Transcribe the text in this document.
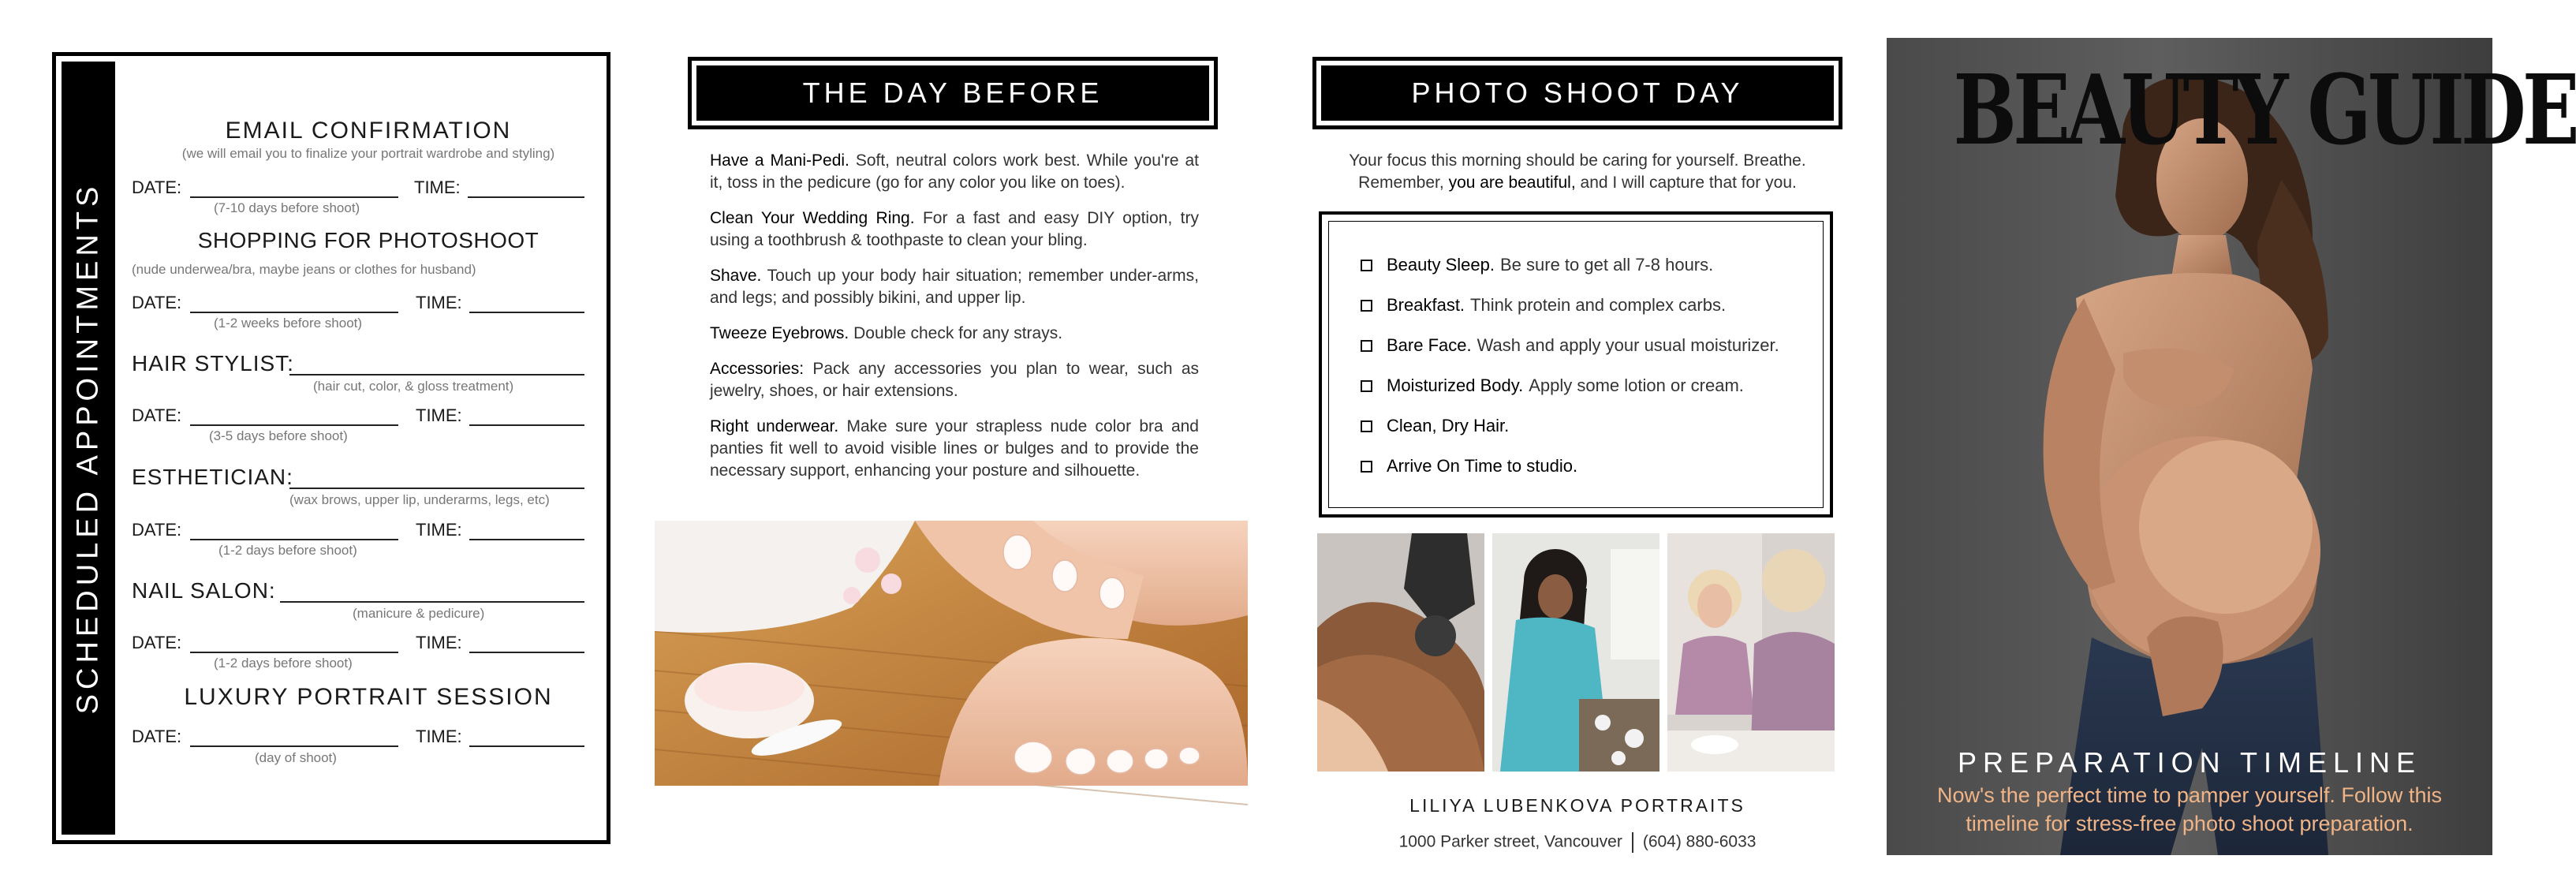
SCHEDULED APPOINTMENTS
EMAIL CONFIRMATION
(we will email you to finalize your portrait wardrobe and styling)
DATE:	TIME:
(7-10 days before shoot)
SHOPPING FOR PHOTOSHOOT
(nude underwea/bra, maybe jeans or clothes for husband)
DATE:	TIME:
(1-2 weeks before shoot)
HAIR STYLIST:
(hair cut, color, & gloss treatment)
DATE:	TIME:
(3-5 days before shoot)
ESTHETICIAN:
(wax brows, upper lip, underarms, legs, etc)
DATE:	TIME:
(1-2 days before shoot)
NAIL SALON:
(manicure & pedicure)
DATE:	TIME:
(1-2 days before shoot)
LUXURY PORTRAIT SESSION
DATE:	TIME:
(day of shoot)
THE DAY BEFORE

Have a Mani-Pedi. Soft, neutral colors work best. While you're at it, toss in the pedicure (go for any color you like on toes).

Clean Your Wedding Ring. For a fast and easy DIY option, try using a toothbrush & toothpaste to clean your bling.

Shave. Touch up your body hair situation; remember under-arms, and legs; and possibly bikini, and upper lip.

Tweeze Eyebrows. Double check for any strays.

Accessories: Pack any accessories you plan to wear, such as jewelry, shoes, or hair extensions.

Right underwear. Make sure your strapless nude color bra and panties fit well to avoid visible lines or bulges and to provide the necessary support, enhancing your posture and silhouette.

PHOTO SHOOT DAY
Your focus this morning should be caring for yourself. Breathe.
Remember, you are beautiful, and I will capture that for you.
Beauty Sleep. Be sure to get all 7-8 hours.
Breakfast. Think protein and complex carbs.
Bare Face. Wash and apply your usual moisturizer.
Moisturized Body. Apply some lotion or cream.
Clean, Dry Hair.
Arrive On Time to studio.
LILIYA LUBENKOVA PORTRAITS
1000 Parker street, Vancouver (604) 880-6033
BEAUTY GUIDE
PREPARATION TIMELINE
Now's the perfect time to pamper yourself. Follow this timeline for stress-free photo shoot preparation.
